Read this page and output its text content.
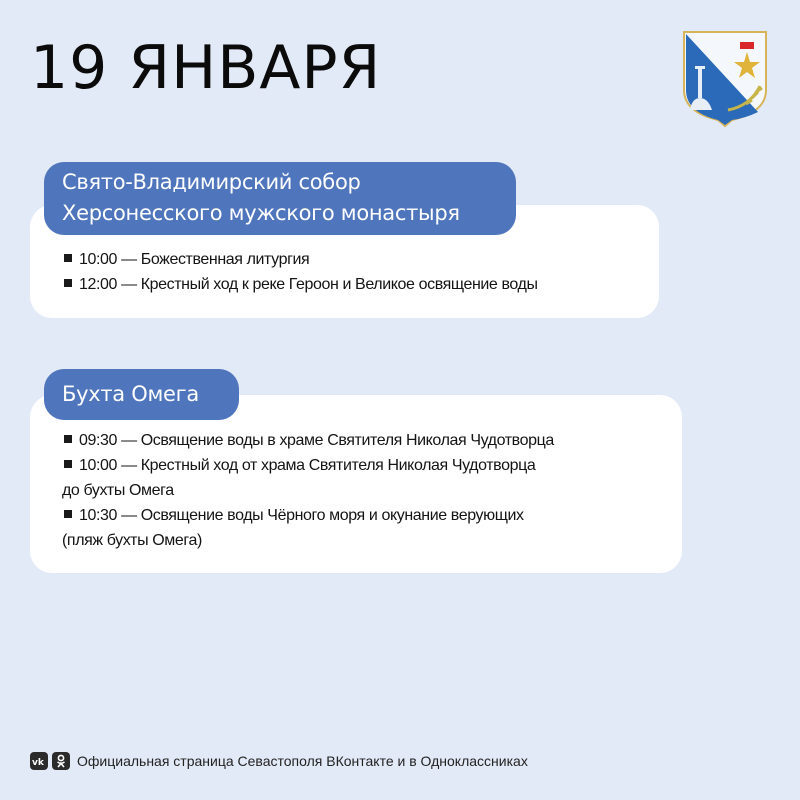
19 ЯНВАРЯ
10:00 — Божественная литургия
12:00 — Крестный ход к реке Героон и Великое освящение воды
Свято-Владимирский собор
Херсонесского мужского монастыря
09:30 — Освящение воды в храме Святителя Николая Чудотворца
10:00 — Крестный ход от храма Святителя Николая Чудотворца
до бухты Омега
10:30 — Освящение воды Чёрного моря и окунание верующих
(пляж бухты Омега)
Бухта Омега
vk Официальная страница Севастополя ВКонтакте и в Одноклассниках
